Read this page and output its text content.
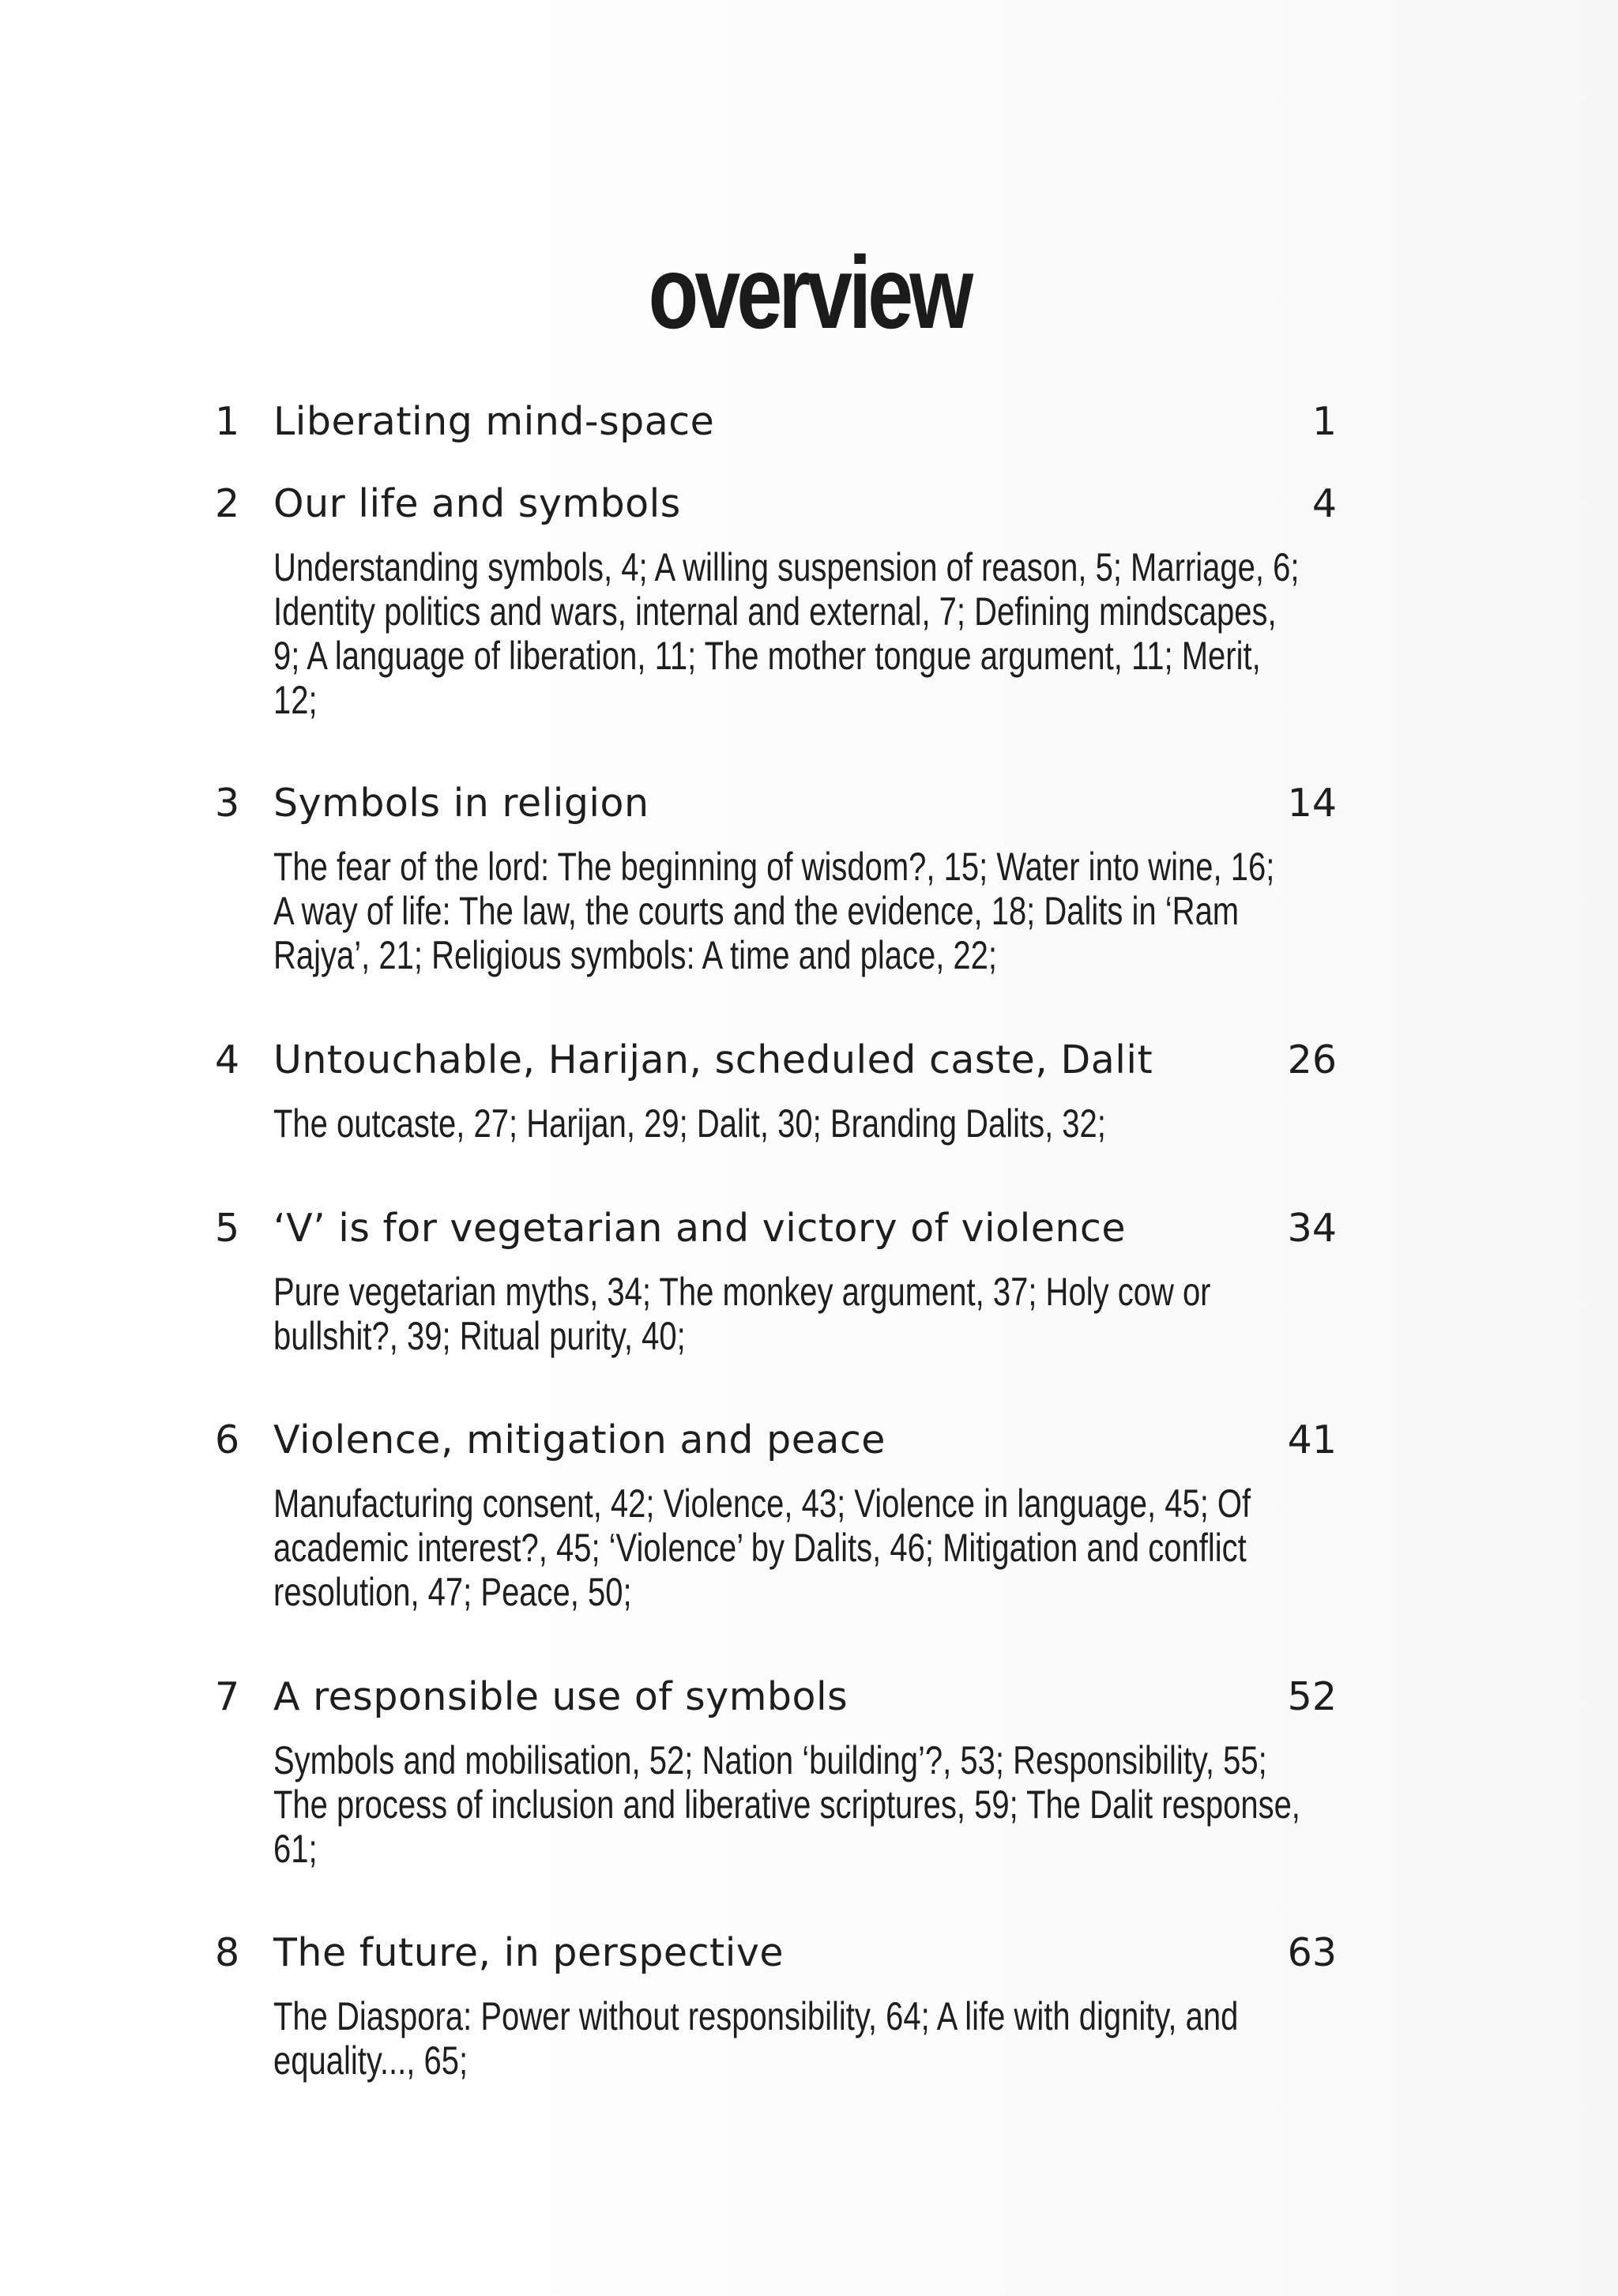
overview
1 Liberating mind-space	1
2 Our life and symbols	4
Understanding symbols, 4; A willing suspension of reason, 5; Marriage, 6;
Identity politics and wars, internal and external, 7; Defining mindscapes,
9; A language of liberation, 11; The mother tongue argument, 11; Merit,
12;
3 Symbols in religion	14
The fear of the lord: The beginning of wisdom?, 15; Water into wine, 16;
A way of life: The law, the courts and the evidence, 18; Dalits in ‘Ram
Rajya’, 21; Religious symbols: A time and place, 22;
4 Untouchable, Harijan, scheduled caste, Dalit	26
The outcaste, 27; Harijan, 29; Dalit, 30; Branding Dalits, 32;
5 ‘V’ is for vegetarian and victory of violence	34
Pure vegetarian myths, 34; The monkey argument, 37; Holy cow or
bullshit?, 39; Ritual purity, 40;
6 Violence, mitigation and peace	41
Manufacturing consent, 42; Violence, 43; Violence in language, 45; Of
academic interest?, 45; ‘Violence’ by Dalits, 46; Mitigation and conflict
resolution, 47; Peace, 50;
7 A responsible use of symbols	52
Symbols and mobilisation, 52; Nation ‘building’?, 53; Responsibility, 55;
The process of inclusion and liberative scriptures, 59; The Dalit response,
61;
8 The future, in perspective	63
The Diaspora: Power without responsibility, 64; A life with dignity, and
equality..., 65;
